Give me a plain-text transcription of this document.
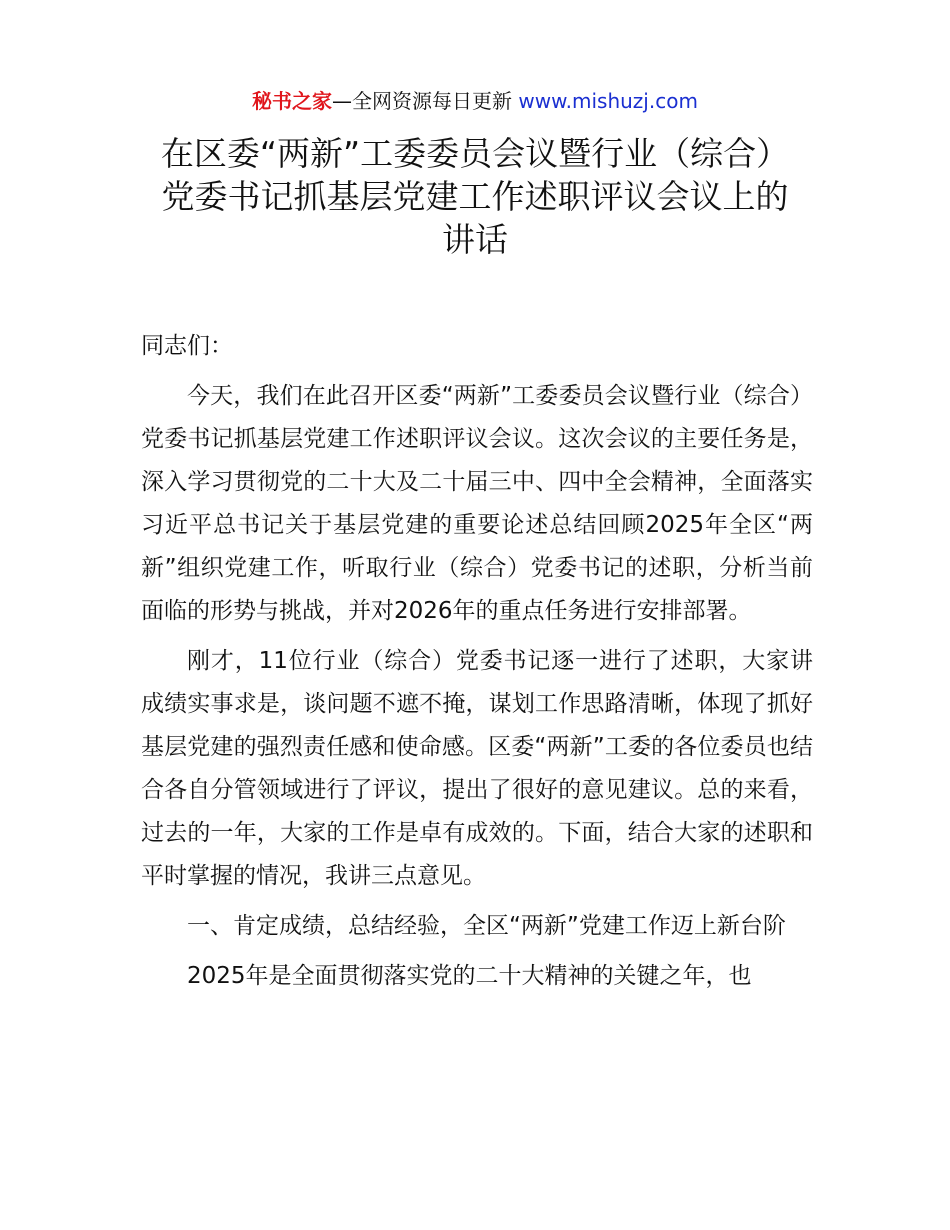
秘书之家—全网资源每日更新 www.mishuzj.com
在区委“两新”工委委员会议暨行业（综合）党委书记抓基层党建工作述职评议会议上的讲话

同志们：

今天，我们在此召开区委“两新”工委委员会议暨行业（综合）党委书记抓基层党建工作述职评议会议。这次会议的主要任务是，深入学习贯彻党的二十大及二十届三中、四中全会精神，全面落实习近平总书记关于基层党建的重要论述总结回顾2025年全区“两新”组织党建工作，听取行业（综合）党委书记的述职，分析当前面临的形势与挑战，并对2026年的重点任务进行安排部署。

刚才，11位行业（综合）党委书记逐一进行了述职，大家讲成绩实事求是，谈问题不遮不掩，谋划工作思路清晰，体现了抓好基层党建的强烈责任感和使命感。区委“两新”工委的各位委员也结合各自分管领域进行了评议，提出了很好的意见建议。总的来看，过去的一年，大家的工作是卓有成效的。下面，结合大家的述职和平时掌握的情况，我讲三点意见。

一、肯定成绩，总结经验，全区“两新”党建工作迈上新台阶

2025年是全面贯彻落实党的二十大精神的关键之年，也
